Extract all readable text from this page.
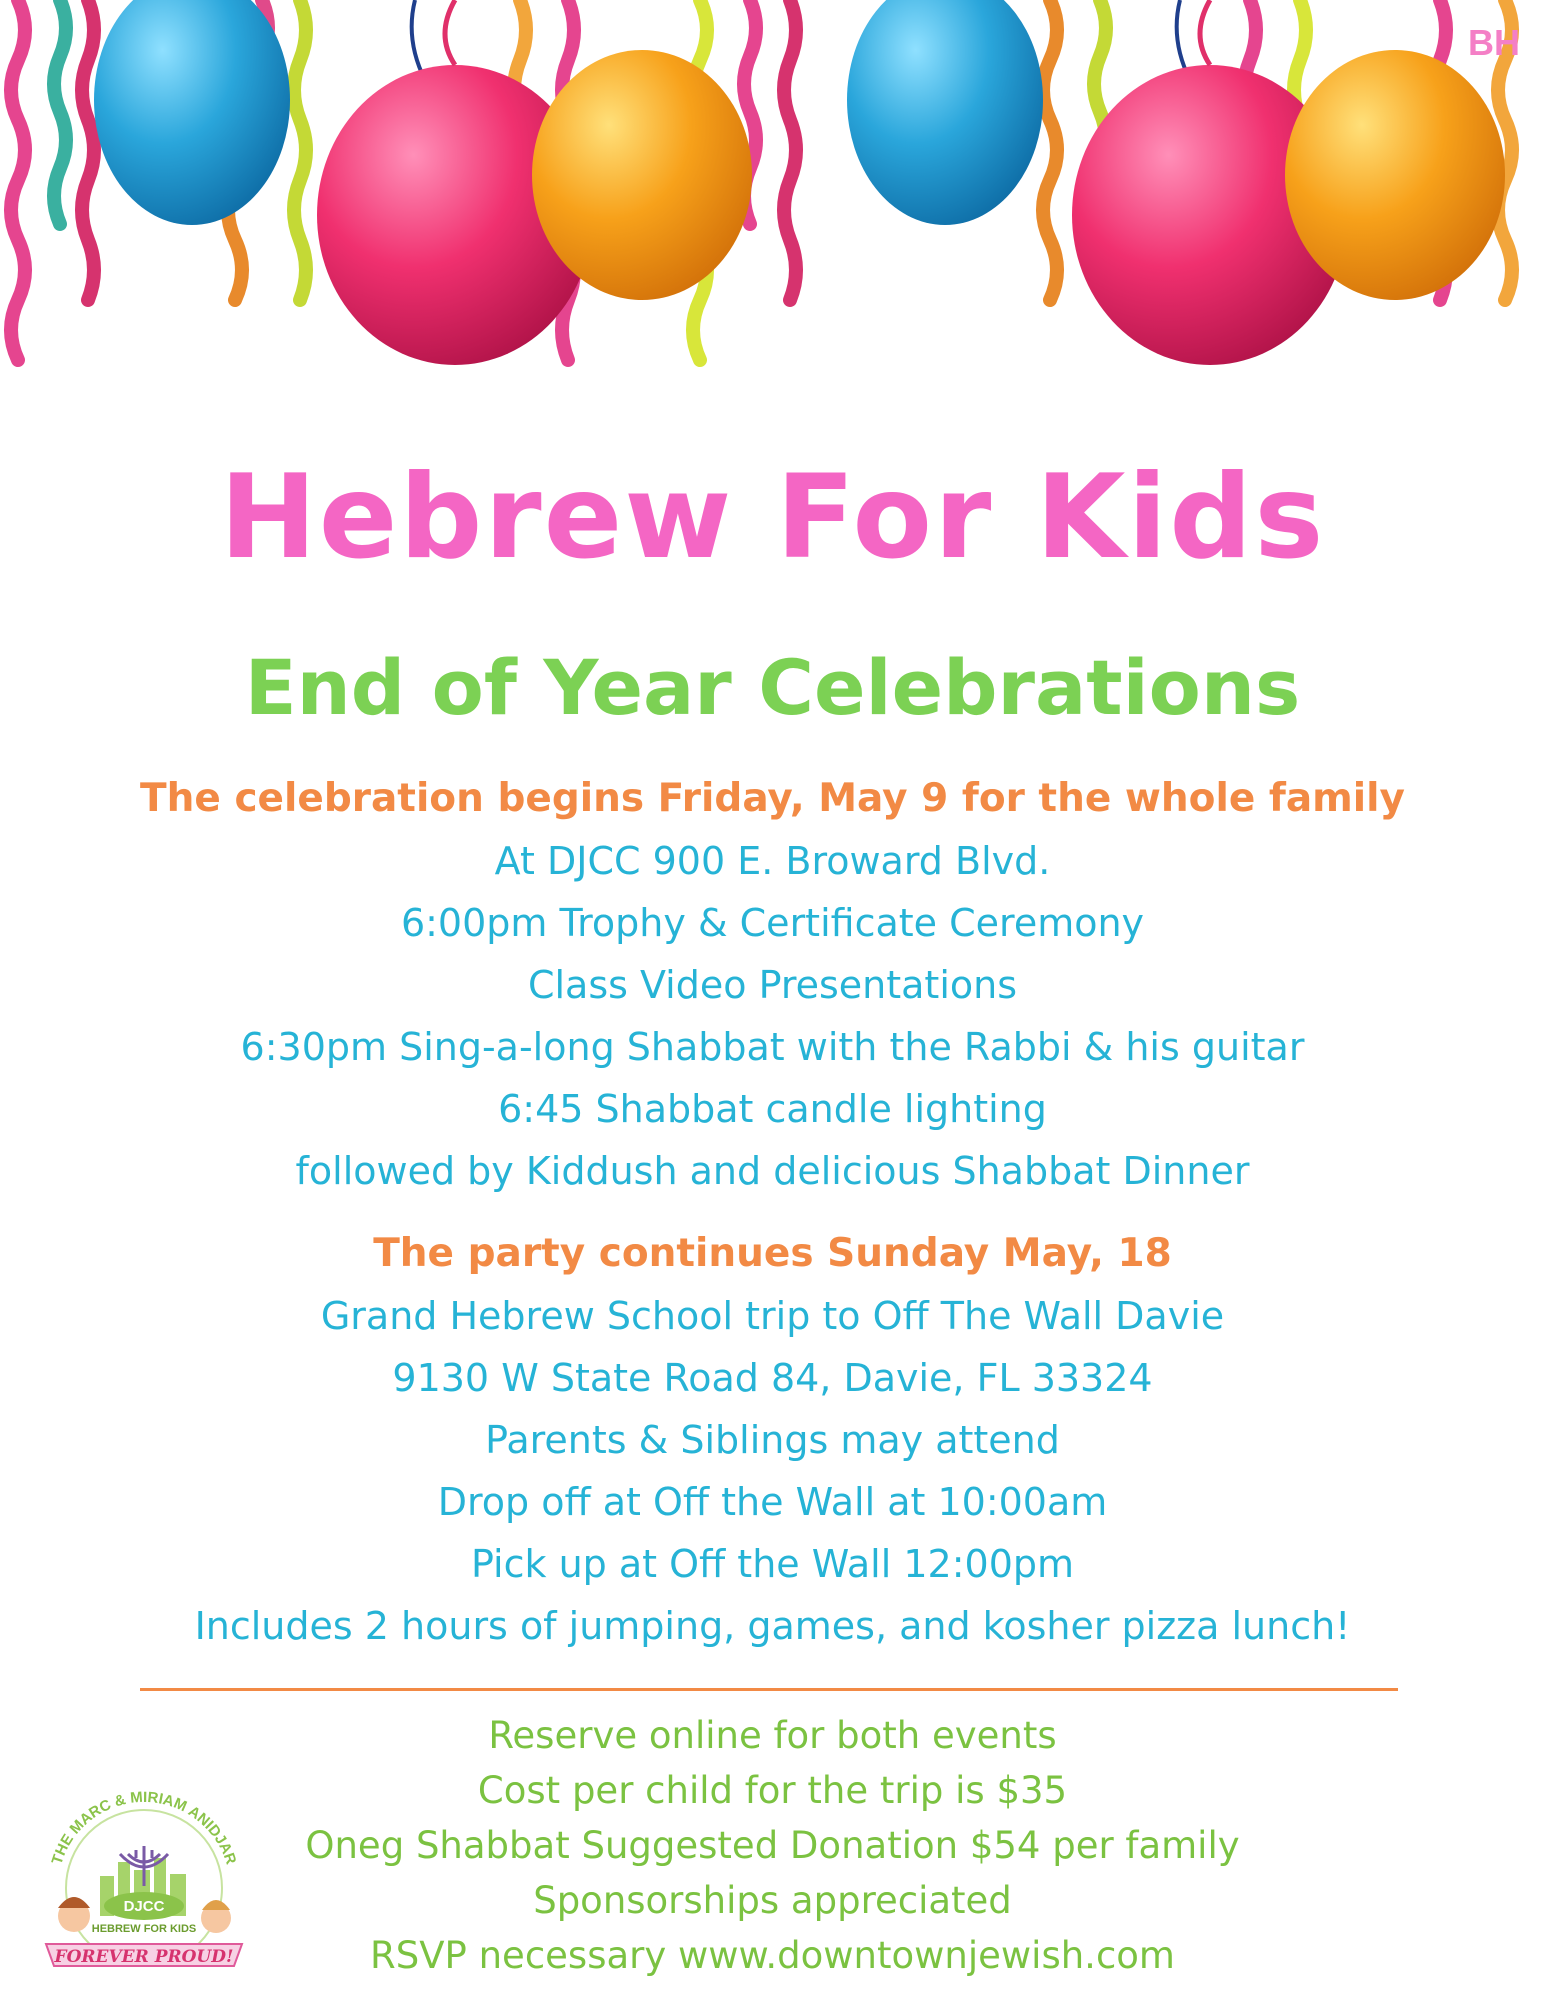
BH
Hebrew For Kids
End of Year Celebrations
The celebration begins Friday, May 9 for the whole family
At DJCC 900 E. Broward Blvd.
6:00pm Trophy & Certificate Ceremony
Class Video Presentations
6:30pm Sing-a-long Shabbat with the Rabbi & his guitar
6:45 Shabbat candle lighting
followed by Kiddush and delicious Shabbat Dinner
The party continues Sunday May, 18
Grand Hebrew School trip to Off The Wall Davie
9130 W State Road 84, Davie, FL 33324
Parents & Siblings may attend
Drop off at Off the Wall at 10:00am
Pick up at Off the Wall 12:00pm
Includes 2 hours of jumping, games, and kosher pizza lunch!
Reserve online for both events
Cost per child for the trip is $35
Oneg Shabbat Suggested Donation $54 per family
Sponsorships appreciated
RSVP necessary www.downtownjewish.com
THE MARC & MIRIAM ANIDJAR
DJCC
HEBREW FOR KIDS
FOREVER PROUD!
